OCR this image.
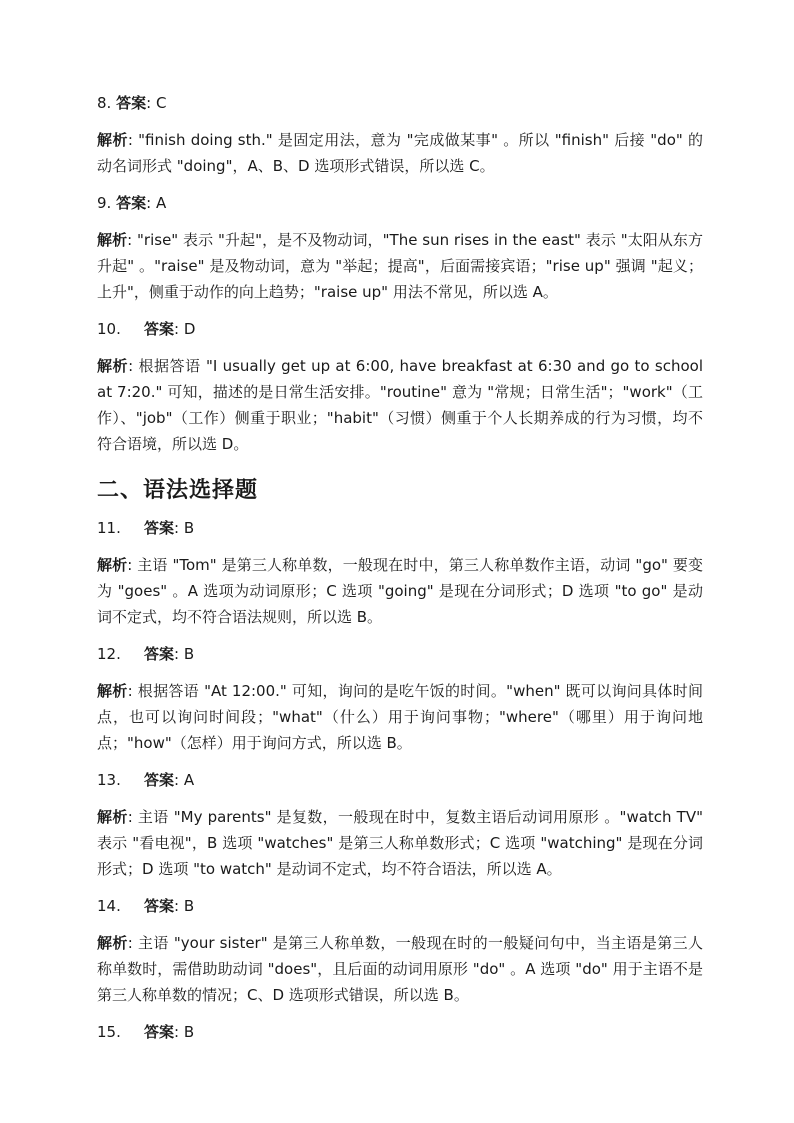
8. 答案: C

解析: "finish doing sth." 是固定用法，意为 "完成做某事" 。所以 "finish" 后接 "do" 的动名词形式 "doing"，A、B、D 选项形式错误，所以选 C。

9. 答案: A

解析: "rise" 表示 "升起"，是不及物动词，"The sun rises in the east" 表示 "太阳从东方升起" 。"raise" 是及物动词，意为 "举起；提高"，后面需接宾语；"rise up" 强调 "起义；上升"，侧重于动作的向上趋势；"raise up" 用法不常见，所以选 A。

10. 答案: D

解析: 根据答语 "I usually get up at 6:00, have breakfast at 6:30 and go to school at 7:20." 可知，描述的是日常生活安排。"routine" 意为 "常规；日常生活"；"work"（工作）、"job"（工作）侧重于职业；"habit"（习惯）侧重于个人长期养成的行为习惯，均不符合语境，所以选 D。

二、语法选择题

11. 答案: B

解析: 主语 "Tom" 是第三人称单数，一般现在时中，第三人称单数作主语，动词 "go" 要变为 "goes" 。A 选项为动词原形；C 选项 "going" 是现在分词形式；D 选项 "to go" 是动词不定式，均不符合语法规则，所以选 B。

12. 答案: B

解析: 根据答语 "At 12:00." 可知，询问的是吃午饭的时间。"when" 既可以询问具体时间点，也可以询问时间段；"what"（什么）用于询问事物；"where"（哪里）用于询问地点；"how"（怎样）用于询问方式，所以选 B。

13. 答案: A

解析: 主语 "My parents" 是复数，一般现在时中，复数主语后动词用原形 。"watch TV" 表示 "看电视"，B 选项 "watches" 是第三人称单数形式；C 选项 "watching" 是现在分词形式；D 选项 "to watch" 是动词不定式，均不符合语法，所以选 A。

14. 答案: B

解析: 主语 "your sister" 是第三人称单数，一般现在时的一般疑问句中，当主语是第三人称单数时，需借助助动词 "does"，且后面的动词用原形 "do" 。A 选项 "do" 用于主语不是第三人称单数的情况；C、D 选项形式错误，所以选 B。

15. 答案: B
